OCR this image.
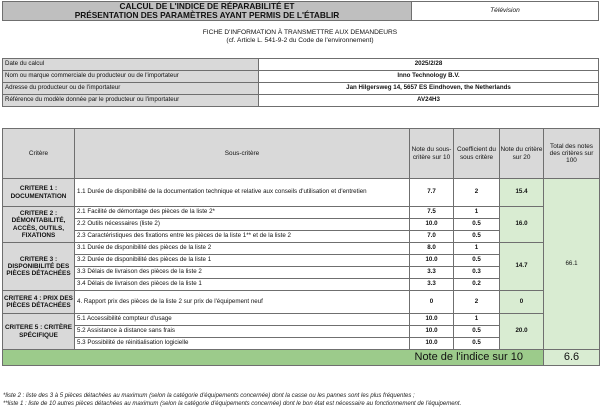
CALCUL DE L'INDICE DE RÉPARABILITÉ ET
PRÉSENTATION DES PARAMÈTRES AYANT PERMIS DE L'ÉTABLIR	Télévision
FICHE D'INFORMATION À TRANSMETTRE AUX DEMANDEURS
(cf. Article L. 541-9-2 du Code de l'environnement)
Date du calcul	2025/2/28
Nom ou marque commerciale du producteur ou de l'importateur	Inno Technology B.V.
Adresse du producteur ou de l'importateur	Jan Hilgersweg 14, 5657 ES Eindhoven, the Netherlands
Référence du modèle donnée par le producteur ou l'importateur	AV24H3
Critère	Sous-critère	Note du sous-critère sur 10	Coefficient du sous critère	Note du critère sur 20	Total des notes des critères sur 100
CRITERE 1 : DOCUMENTATION	1.1 Durée de disponibilité de la documentation technique et relative aux conseils d'utilisation et d'entretien	7.7	2	15.4	66.1
CRITERE 2 : DÉMONTABILITÉ, ACCÈS, OUTILS, FIXATIONS	2.1 Facilité de démontage des pièces de la liste 2*	7.5	1	16.0	
	2.2 Outils nécessaires (liste 2)	10.0	0.5		
	2.3 Caractéristiques des fixations entre les pièces de la liste 1** et de la liste 2	7.0	0.5		
CRITERE 3 : DISPONIBILITÉ DES PIÈCES DÉTACHÉES	3.1 Durée de disponibilité des pièces de la liste 2	8.0	1	14.7	
	3.2 Durée de disponibilité des pièces de la liste 1	10.0	0.5		
	3.3 Délais de livraison des pièces de la liste 2	3.3	0.3		
	3.4 Délais de livraison des pièces de la liste 1	3.3	0.2		
CRITERE 4 : PRIX DES PIÈCES DÉTACHÉES	4. Rapport prix des pièces de la liste 2 sur prix de l'équipement neuf	0	2	0	
CRITERE 5 : CRITÈRE SPÉCIFIQUE	5.1 Accessibilité compteur d'usage	10.0	1	20.0	
	5.2 Assistance à distance sans frais	10.0	0.5		
	5.3 Possibilité de réinitialisation logicielle	10.0	0.5		
Note de l'indice sur 10					6.6
*liste 2 : liste des 3 à 5 pièces détachées au maximum (selon la catégorie d'équipements concernée) dont la casse ou les pannes sont les plus fréquentes ;
**liste 1 : liste de 10 autres pièces détachées au maximum (selon la catégorie d'équipements concernée) dont le bon état est nécessaire au fonctionnement de l'équipement.
